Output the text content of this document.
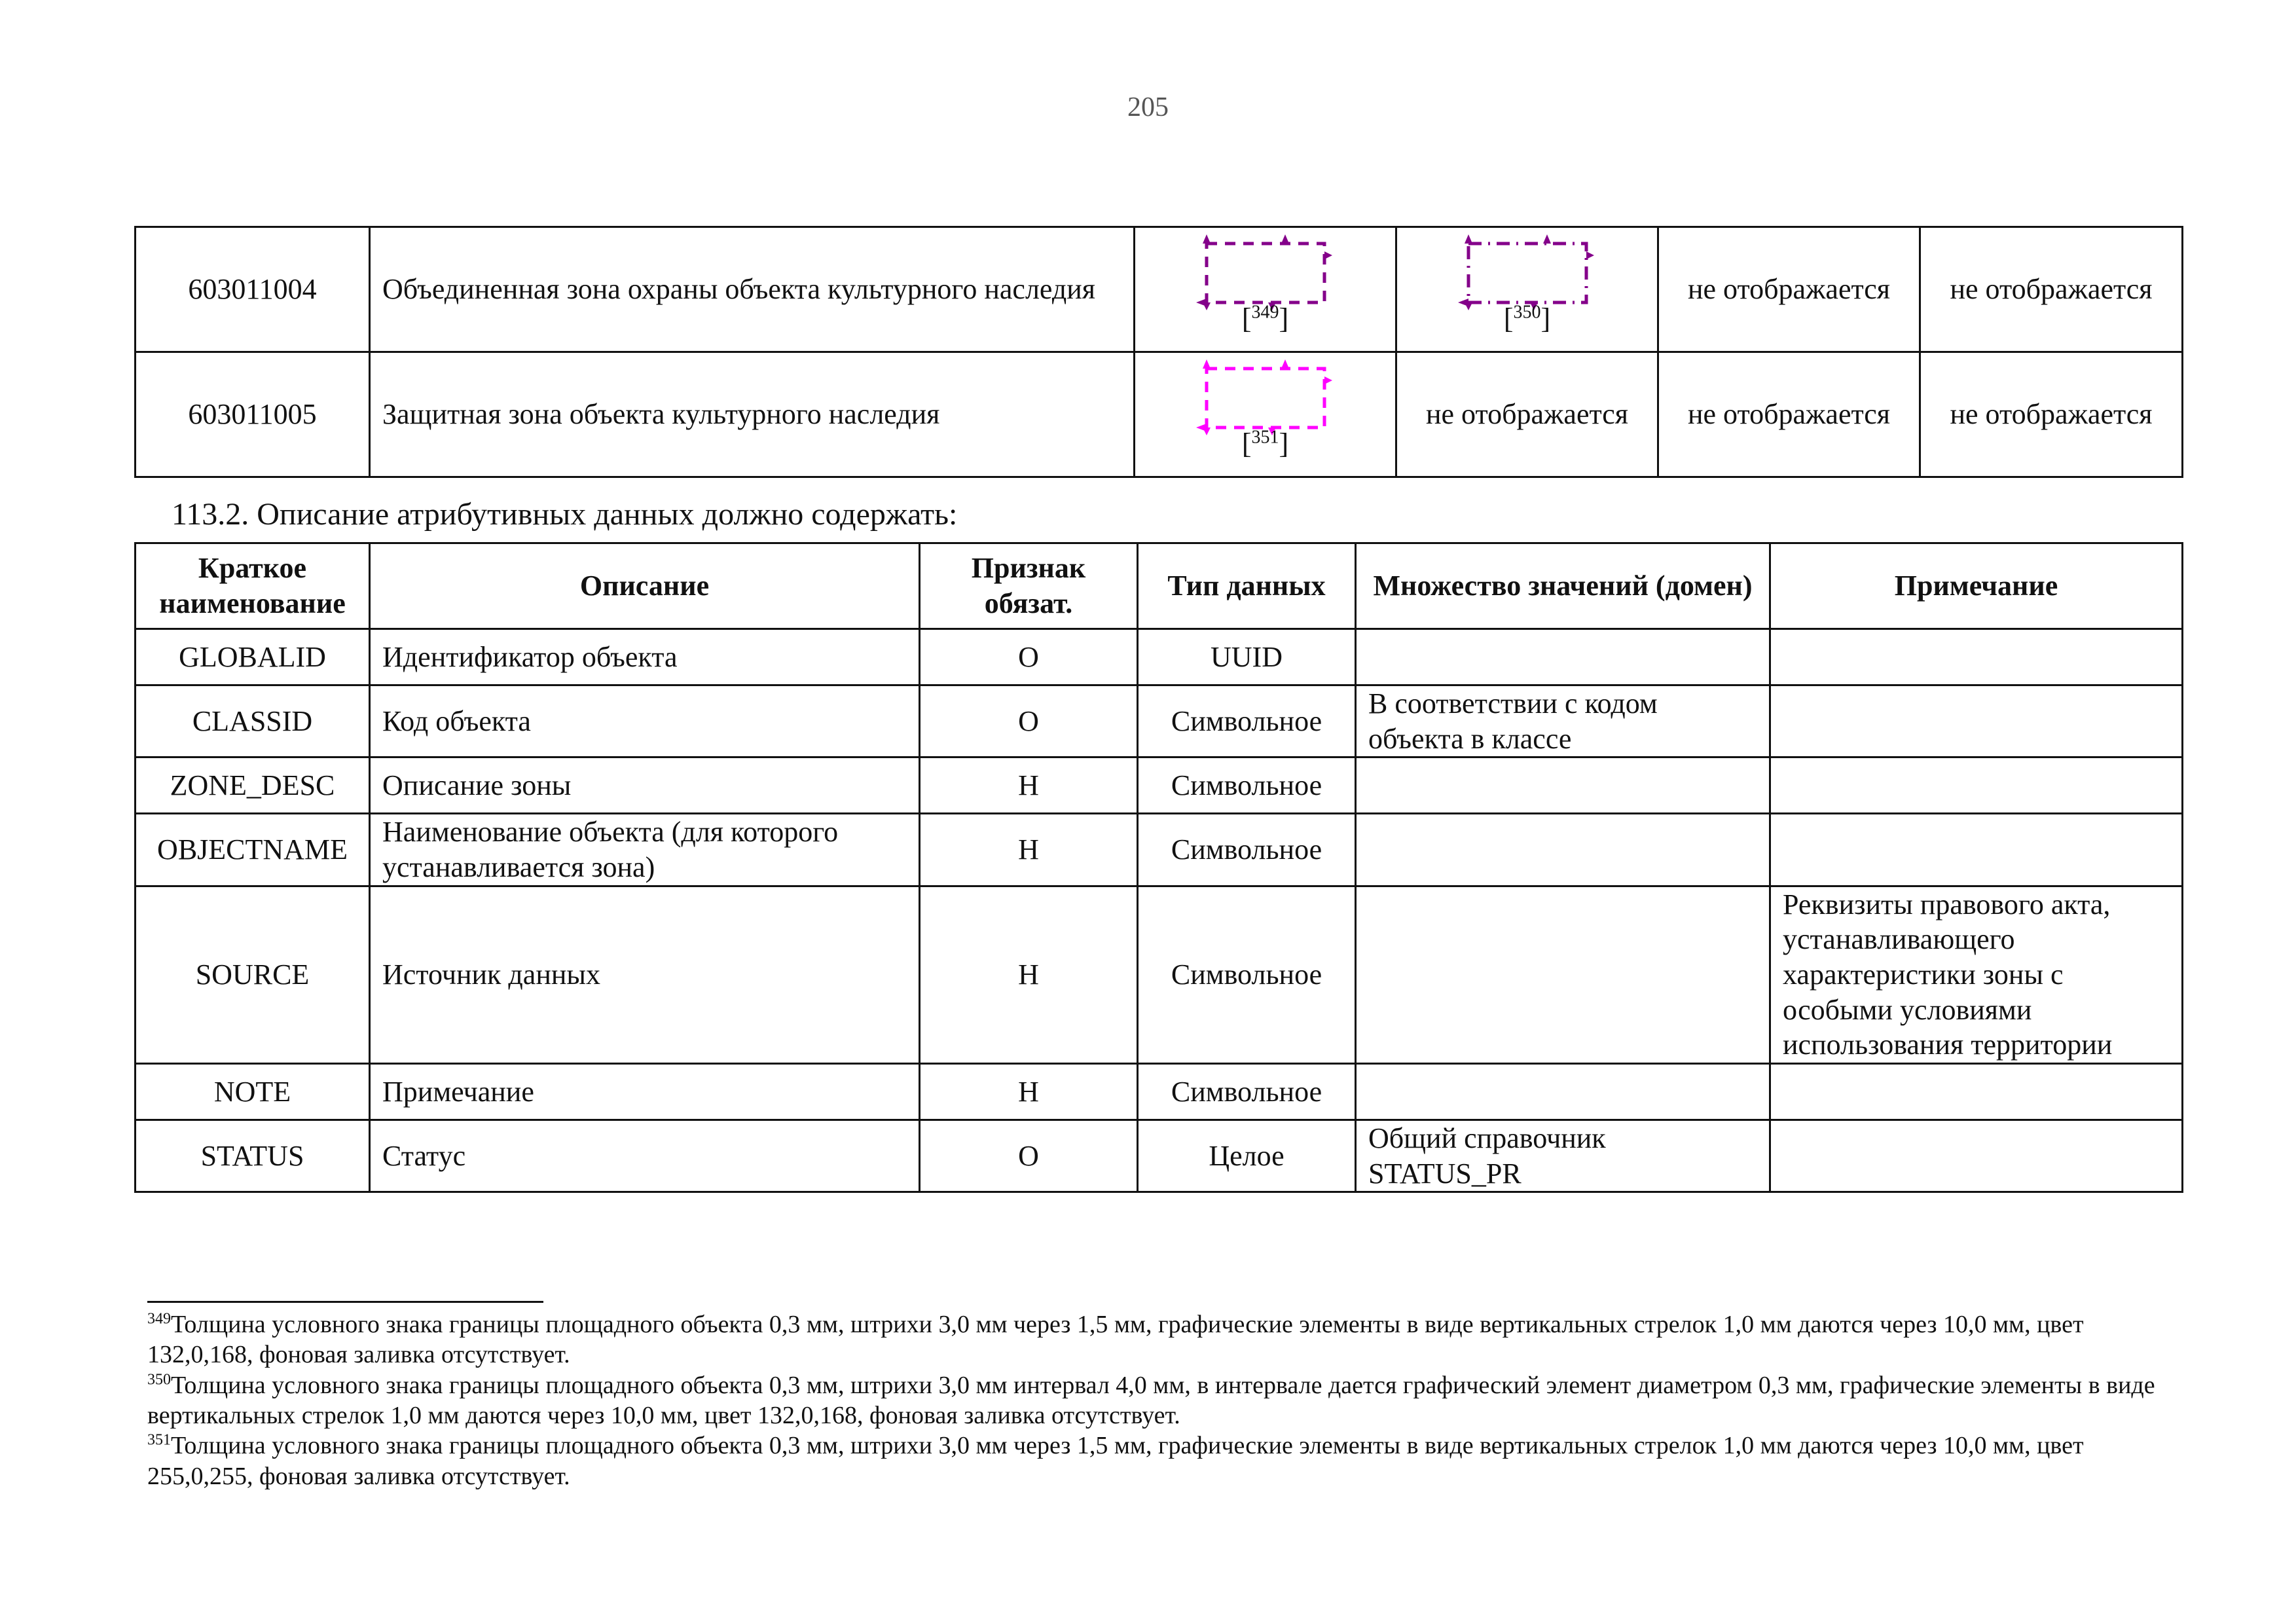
205
603011004	Объединенная зона охраны объекта культурного наследия	[$^{349}$]	[$^{350}$]	не отображается	не отображается
603011005	Защитная зона объекта культурного наследия	[$^{351}$]	не отображается	не отображается	не отображается
113.2. Описание атрибутивных данных должно содержать:
Краткое наименование	Описание	Признак обязат.	Тип данных	Множество значений (домен)	Примечание
GLOBALID	Идентификатор объекта	О	UUID		
CLASSID	Код объекта	О	Символьное	В соответствии с кодом объекта в классе	
ZONE_DESC	Описание зоны	Н	Символьное		
OBJECTNAME	Наименование объекта (для которого устанавливается зона)	Н	Символьное		
SOURCE	Источник данных	Н	Символьное		Реквизиты правового акта, устанавливающего характеристики зоны с особыми условиями использования территории
NOTE	Примечание	Н	Символьное		
STATUS	Статус	О	Целое	Общий справочник STATUS_PR	
$^{349}$Толщина условного знака границы площадного объекта 0,3 мм, штрихи 3,0 мм через 1,5 мм, графические элементы в виде вертикальных стрелок 1,0 мм даются через 10,0 мм, цвет 132,0,168, фоновая заливка отсутствует.
$^{350}$Толщина условного знака границы площадного объекта 0,3 мм, штрихи 3,0 мм интервал 4,0 мм, в интервале дается графический элемент диаметром 0,3 мм, графические элементы в виде вертикальных стрелок 1,0 мм даются через 10,0 мм, цвет 132,0,168, фоновая заливка отсутствует.
$^{351}$Толщина условного знака границы площадного объекта 0,3 мм, штрихи 3,0 мм через 1,5 мм, графические элементы в виде вертикальных стрелок 1,0 мм даются через 10,0 мм, цвет 255,0,255, фоновая заливка отсутствует.
